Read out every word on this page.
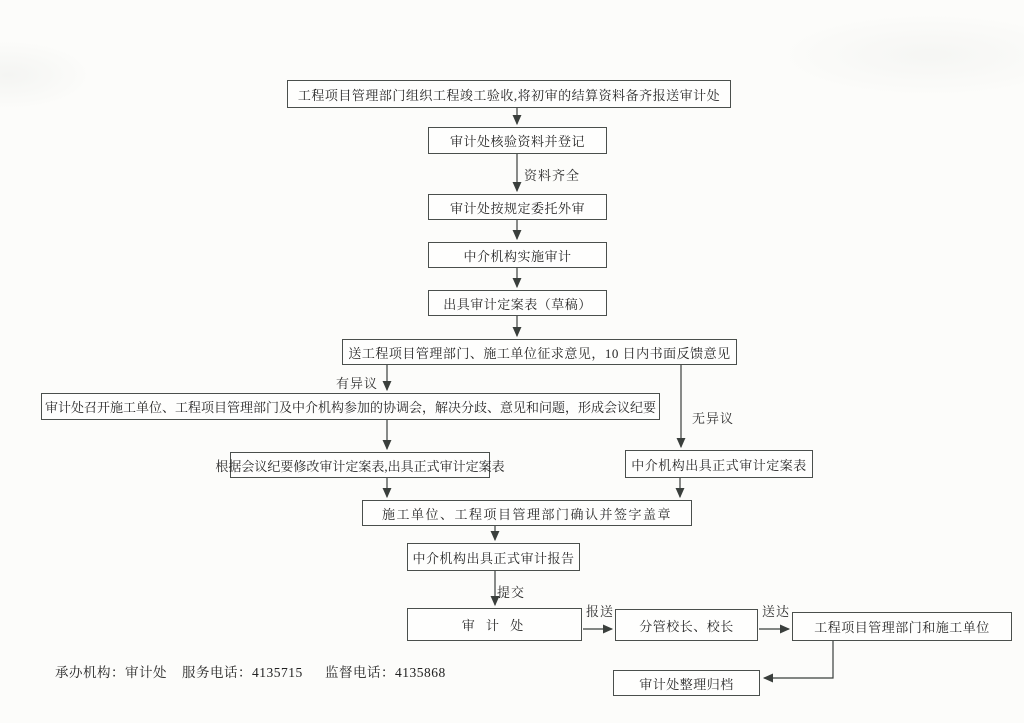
工程项目管理部门组织工程竣工验收,将初审的结算资料备齐报送审计处
审计处核验资料并登记
审计处按规定委托外审
中介机构实施审计
出具审计定案表（草稿）
送工程项目管理部门、施工单位征求意见，10 日内书面反馈意见
审计处召开施工单位、工程项目管理部门及中介机构参加的协调会，解决分歧、意见和问题，形成会议纪要
根据会议纪要修改审计定案表,出具正式审计定案表	中介机构出具正式审计定案表
施工单位、工程项目管理部门确认并签字盖章
中介机构出具正式审计报告
审 计 处	分管校长、校长	工程项目管理部门和施工单位
审计处整理归档
资料齐全
有异议
无异议
提交
报送	送达
承办机构：审计处 服务电话：4135715 监督电话：4135868
